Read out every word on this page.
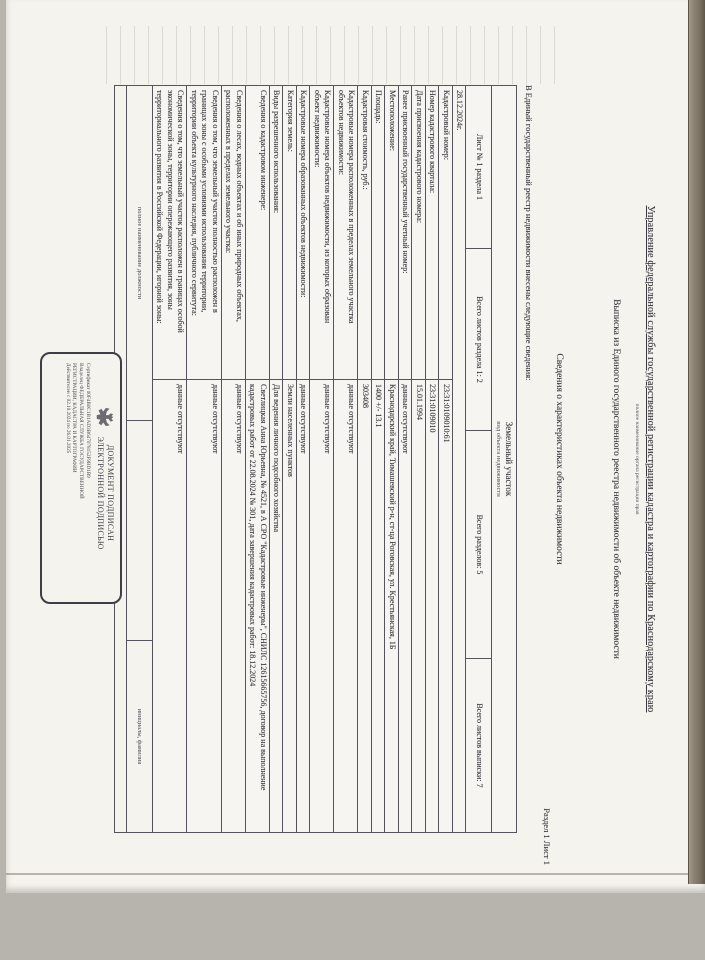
Управление федеральной службы государственной регистрации кадастра и картографии по Краснодарскому краю
полное наименование органа регистрации прав
Выписка из Единого государственного реестра недвижимости об объекте недвижимости
Сведения о характеристиках объекта недвижимости
Раздел 1 Лист 1
В Единый государственный реестр недвижимости внесены следующие сведения:
Земельный участок
вид объекта недвижимости
Лист № 1 раздела 1
Всего листов раздела 1: 2
Всего разделов: 5
Всего листов выписки: 7
28.12.2024г.
Кадастровый номер:
23:31:0109010:61
Номер кадастрового квартала:
23:31:0109010
Дата присвоения кадастрового номера:
15.01.1994
Ранее присвоенный государственный учетный номер:
данные отсутствуют
Местоположение:
Краснодарский край, Тимашевский р-н, ст-ца Роговская, ул. Крестьянская, 1Б
Площадь:
1400 +/- 13.1
Кадастровая стоимость, руб.:
303408
Кадастровые номера расположенных в пределах земельного участка объектов недвижимости:
данные отсутствуют
Кадастровые номера объектов недвижимости, из которых образован объект недвижимости:
данные отсутствуют
Кадастровые номера образованных объектов недвижимости:
данные отсутствуют
Категория земель:
Земли населенных пунктов
Виды разрешенного использования:
Для ведения личного подсобного хозяйства
Сведения о кадастровом инженере:
Светлицкая Анна Юрьевна, № 4521, в А СРО "Кадастровые инженеры", СНИЛС 12615665756, договор на выполнение кадастровых работ от 22.08.2024 № 301, дата завершения кадастровых работ: 18.12.2024
Сведения о лесах, водных объектах и об иных природных объектах, расположенных в пределах земельного участка:
данные отсутствуют
Сведения о том, что земельный участок полностью расположен в границах зоны с особыми условиями использования территории, территории объекта культурного наследия, публичного сервитута:
данные отсутствуют
Сведения о том, что земельный участок расположен в границах особой экономической зоны, территории опережающего развития, зоны территориального развития в Российской Федерации, игорной зоны:
данные отсутствуют
полное наименование должности
инициалы, фамилия
ДОКУМЕНТ ПОДПИСАН
ЭЛЕКТРОННОЙ ПОДПИСЬЮ
Сертификат 00F4B0C1B1AD3B647078152F9BD1B9
Владелец ФЕДЕРАЛЬНАЯ СЛУЖБА ГОСУДАРСТВЕННОЙ
РЕГИСТРАЦИИ, КАДАСТРА И КАРТОГРАФИИ
Действителен с 02.10.2024 по 26.01.2025
